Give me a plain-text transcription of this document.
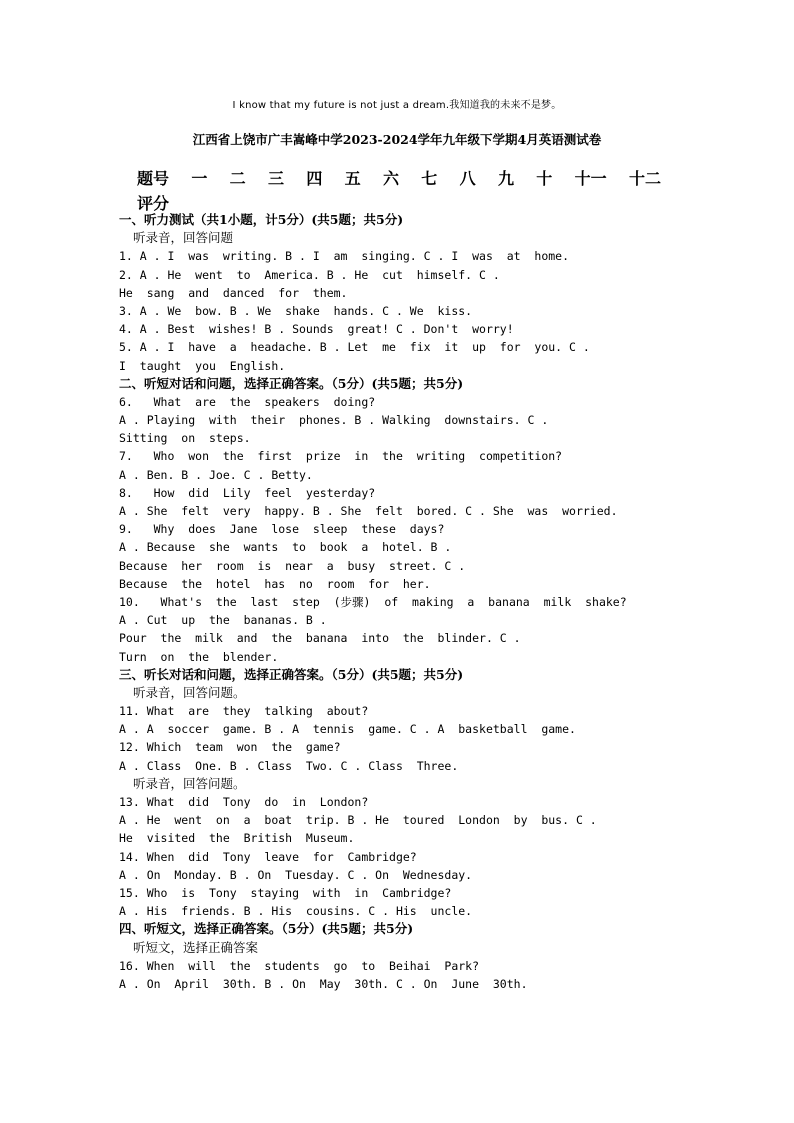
I know that my future is not just a dream.我知道我的未来不是梦。
江西省上饶市广丰嵩峰中学2023-2024学年九年级下学期4月英语测试卷
题号 一 二 三 四 五 六 七 八 九 十 十一 十二
评分
一、听力测试（共1小题，计5分）(共5题；共5分)
听录音，回答问题
1. A . I  was  writing. B . I  am  singing. C . I  was  at  home.
2. A . He  went  to  America. B . He  cut  himself. C .
He  sang  and  danced  for  them.
3. A . We  bow. B . We  shake  hands. C . We  kiss.
4. A . Best  wishes! B . Sounds  great! C . Don't  worry!
5. A . I  have  a  headache. B . Let  me  fix  it  up  for  you. C .
I  taught  you  English.
二、听短对话和问题，选择正确答案。（5分）(共5题；共5分)
6.   What  are  the  speakers  doing?
A . Playing  with  their  phones. B . Walking  downstairs. C .
Sitting  on  steps.
7.   Who  won  the  first  prize  in  the  writing  competition?
A . Ben. B . Joe. C . Betty.
8.   How  did  Lily  feel  yesterday?
A . She  felt  very  happy. B . She  felt  bored. C . She  was  worried.
9.   Why  does  Jane  lose  sleep  these  days?
A . Because  she  wants  to  book  a  hotel. B .
Because  her  room  is  near  a  busy  street. C .
Because  the  hotel  has  no  room  for  her.
10.   What's  the  last  step  (步骤)  of  making  a  banana  milk  shake?
A . Cut  up  the  bananas. B .
Pour  the  milk  and  the  banana  into  the  blinder. C .
Turn  on  the  blender.
三、听长对话和问题，选择正确答案。（5分）(共5题；共5分)
听录音，回答问题。
11. What  are  they  talking  about?
A . A  soccer  game. B . A  tennis  game. C . A  basketball  game.
12. Which  team  won  the  game?
A . Class  One. B . Class  Two. C . Class  Three.
听录音，回答问题。
13. What  did  Tony  do  in  London?
A . He  went  on  a  boat  trip. B . He  toured  London  by  bus. C .
He  visited  the  British  Museum.
14. When  did  Tony  leave  for  Cambridge?
A . On  Monday. B . On  Tuesday. C . On  Wednesday.
15. Who  is  Tony  staying  with  in  Cambridge?
A . His  friends. B . His  cousins. C . His  uncle.
四、听短文，选择正确答案。（5分）(共5题；共5分)
听短文，选择正确答案
16. When  will  the  students  go  to  Beihai  Park?
A . On  April  30th. B . On  May  30th. C . On  June  30th.
